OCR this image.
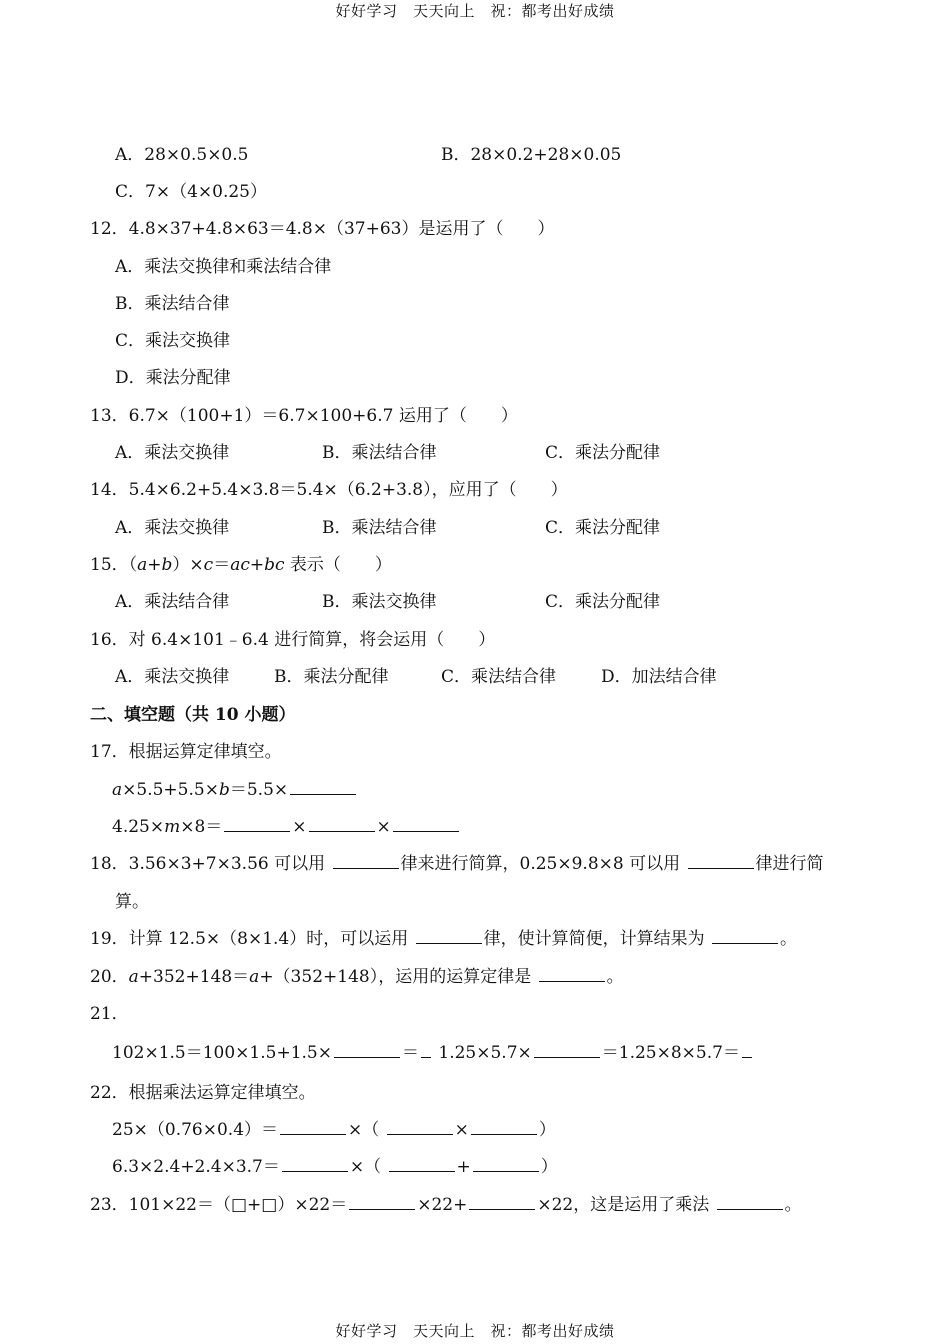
好好学习　天天向上　祝：都考出好成绩
A．28×0.5×0.5	B．28×0.2+28×0.05
C．7×（4×0.25）
12．4.8×37+4.8×63＝4.8×（37+63）是运用了（　　）
A．乘法交换律和乘法结合律
B．乘法结合律
C．乘法交换律
D．乘法分配律
13．6.7×（100+1）＝6.7×100+6.7 运用了（　　）
A．乘法交换律	B．乘法结合律	C．乘法分配律
14．5.4×6.2+5.4×3.8＝5.4×（6.2+3.8），应用了（　　）
A．乘法交换律	B．乘法结合律	C．乘法分配律
15．（a+b）×c＝ac+bc 表示（　　）
A．乘法结合律	B．乘法交换律	C．乘法分配律
16．对 6.4×101﹣6.4 进行简算，将会运用（　　）
A．乘法交换律	B．乘法分配律	C．乘法结合律	D．加法结合律
二、填空题（共 10 小题）
17．根据运算定律填空。
a×5.5+5.5×b＝5.5×
4.25×m×8＝	×	×
18．3.56×3+7×3.56 可以用	律来进行简算，0.25×9.8×8 可以用	律进行简
算。
19．计算 12.5×（8×1.4）时，可以运用	律，使计算简便，计算结果为	。
20．a+352+148＝a+（352+148），运用的运算定律是	。
21．
102×1.5＝100×1.5+1.5×	＝ 1.25×5.7×	＝1.25×8×5.7＝
22．根据乘法运算定律填空。
25×（0.76×0.4）＝	×（	×	）
6.3×2.4+2.4×3.7＝	×（	+	）
23．101×22＝（□+□）×22＝	×22+	×22，这是运用了乘法	。
好好学习　天天向上　祝：都考出好成绩
